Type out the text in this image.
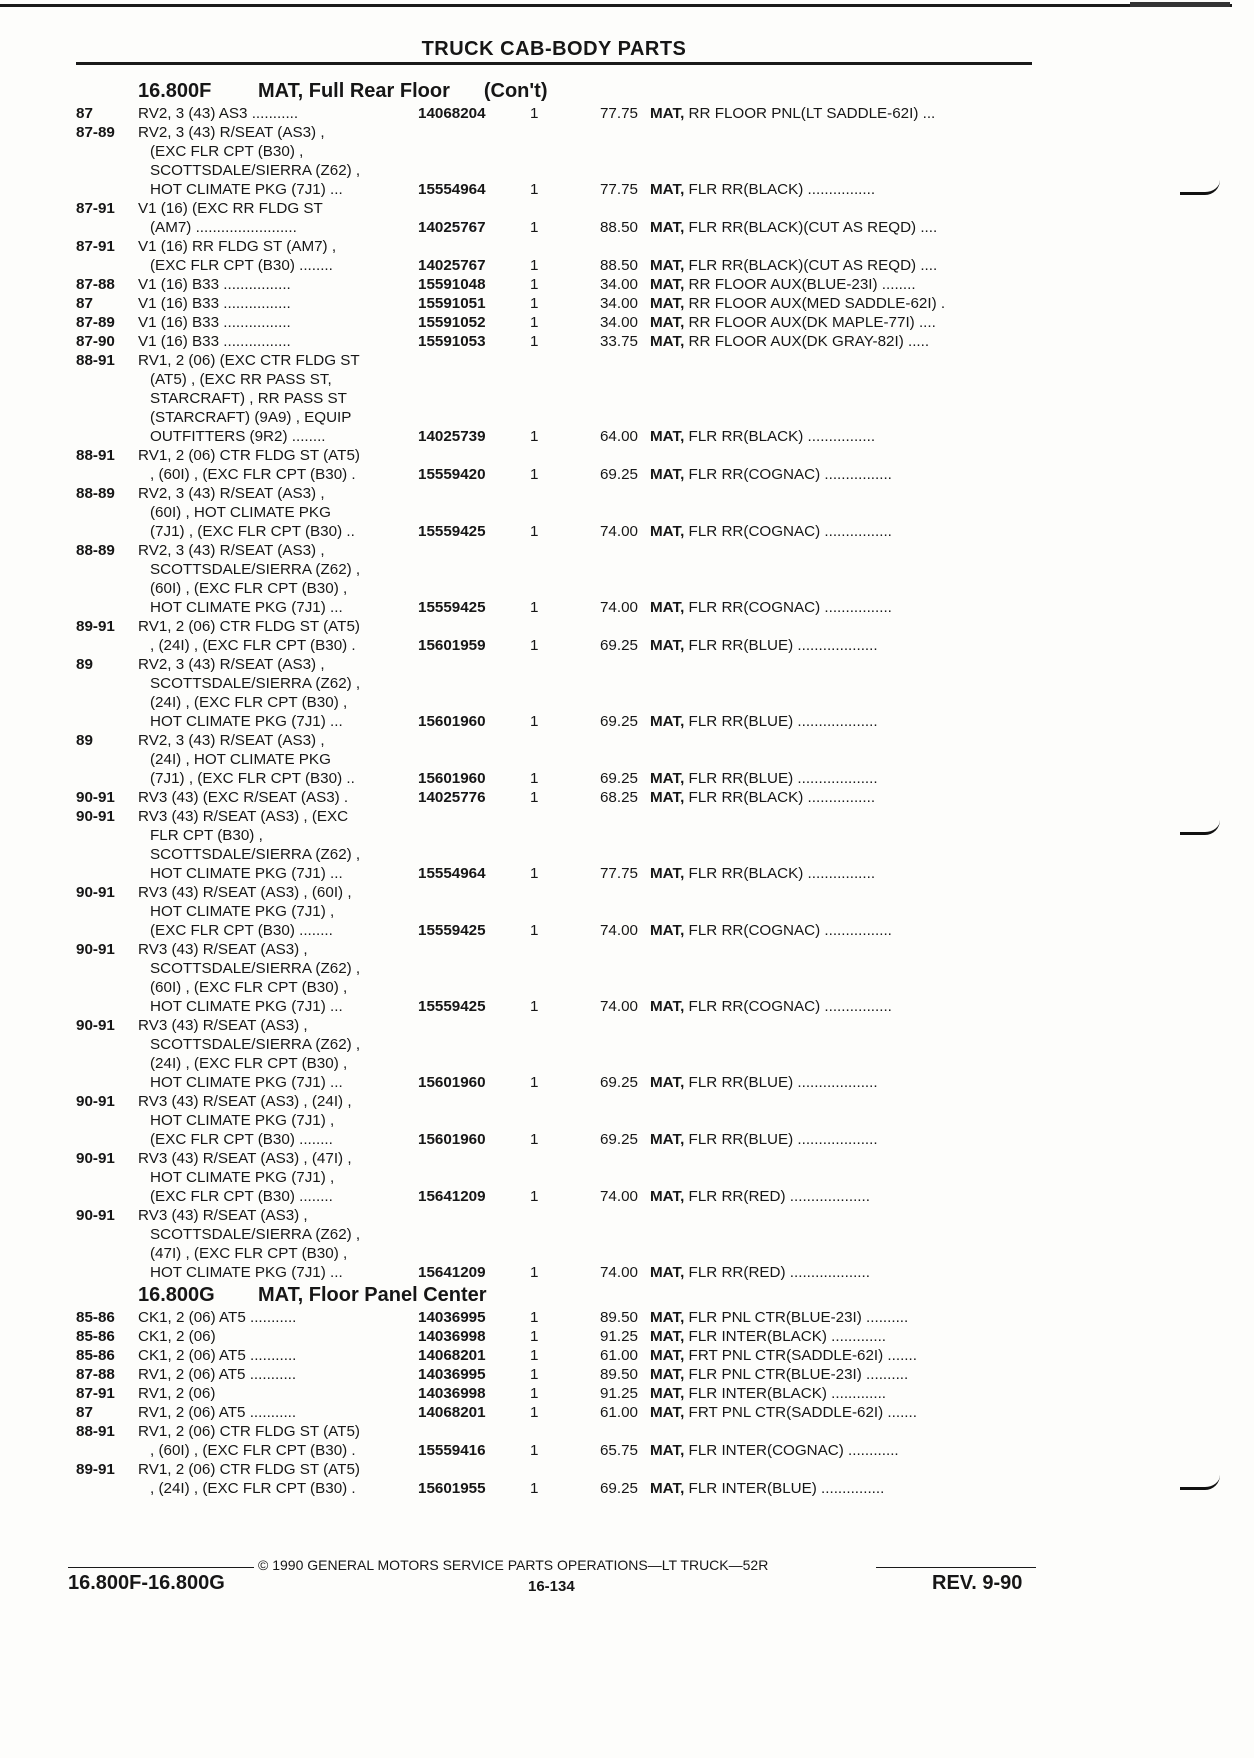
TRUCK CAB-BODY PARTS
16.800F MAT, Full Rear Floor (Con't)
87	RV2, 3 (43) AS3 ...........	14068204	1	77.75 MAT, RR FLOOR PNL(LT SADDLE-62I) ...
87-89	RV2, 3 (43) R/SEAT (AS3) ,
(EXC FLR CPT (B30) ,
SCOTTSDALE/SIERRA (Z62) ,
HOT CLIMATE PKG (7J1) ...	15554964	1	77.75 MAT, FLR RR(BLACK) ................
87-91	V1 (16) (EXC RR FLDG ST
(AM7) ........................	14025767	1	88.50 MAT, FLR RR(BLACK)(CUT AS REQD) ....
87-91	V1 (16) RR FLDG ST (AM7) ,
(EXC FLR CPT (B30) ........	14025767	1	88.50 MAT, FLR RR(BLACK)(CUT AS REQD) ....
87-88	V1 (16) B33 ................	15591048	1	34.00 MAT, RR FLOOR AUX(BLUE-23I) ........
87	V1 (16) B33 ................	15591051	1	34.00 MAT, RR FLOOR AUX(MED SADDLE-62I) .
87-89	V1 (16) B33 ................	15591052	1	34.00 MAT, RR FLOOR AUX(DK MAPLE-77I) ....
87-90	V1 (16) B33 ................	15591053	1	33.75 MAT, RR FLOOR AUX(DK GRAY-82I) .....
88-91	RV1, 2 (06) (EXC CTR FLDG ST
(AT5) , (EXC RR PASS ST,
STARCRAFT) , RR PASS ST
(STARCRAFT) (9A9) , EQUIP
OUTFITTERS (9R2) ........	14025739	1	64.00 MAT, FLR RR(BLACK) ................
88-91	RV1, 2 (06) CTR FLDG ST (AT5)
, (60I) , (EXC FLR CPT (B30) .	15559420	1	69.25 MAT, FLR RR(COGNAC) ................
88-89	RV2, 3 (43) R/SEAT (AS3) ,
(60I) , HOT CLIMATE PKG
(7J1) , (EXC FLR CPT (B30) ..	15559425	1	74.00 MAT, FLR RR(COGNAC) ................
88-89	RV2, 3 (43) R/SEAT (AS3) ,
SCOTTSDALE/SIERRA (Z62) ,
(60I) , (EXC FLR CPT (B30) ,
HOT CLIMATE PKG (7J1) ...	15559425	1	74.00 MAT, FLR RR(COGNAC) ................
89-91	RV1, 2 (06) CTR FLDG ST (AT5)
, (24I) , (EXC FLR CPT (B30) .	15601959	1	69.25 MAT, FLR RR(BLUE) ...................
89	RV2, 3 (43) R/SEAT (AS3) ,
SCOTTSDALE/SIERRA (Z62) ,
(24I) , (EXC FLR CPT (B30) ,
HOT CLIMATE PKG (7J1) ...	15601960	1	69.25 MAT, FLR RR(BLUE) ...................
89	RV2, 3 (43) R/SEAT (AS3) ,
(24I) , HOT CLIMATE PKG
(7J1) , (EXC FLR CPT (B30) ..	15601960	1	69.25 MAT, FLR RR(BLUE) ...................
90-91	RV3 (43) (EXC R/SEAT (AS3) .	14025776	1	68.25 MAT, FLR RR(BLACK) ................
90-91	RV3 (43) R/SEAT (AS3) , (EXC
FLR CPT (B30) ,
SCOTTSDALE/SIERRA (Z62) ,
HOT CLIMATE PKG (7J1) ...	15554964	1	77.75 MAT, FLR RR(BLACK) ................
90-91	RV3 (43) R/SEAT (AS3) , (60I) ,
HOT CLIMATE PKG (7J1) ,
(EXC FLR CPT (B30) ........	15559425	1	74.00 MAT, FLR RR(COGNAC) ................
90-91	RV3 (43) R/SEAT (AS3) ,
SCOTTSDALE/SIERRA (Z62) ,
(60I) , (EXC FLR CPT (B30) ,
HOT CLIMATE PKG (7J1) ...	15559425	1	74.00 MAT, FLR RR(COGNAC) ................
90-91	RV3 (43) R/SEAT (AS3) ,
SCOTTSDALE/SIERRA (Z62) ,
(24I) , (EXC FLR CPT (B30) ,
HOT CLIMATE PKG (7J1) ...	15601960	1	69.25 MAT, FLR RR(BLUE) ...................
90-91	RV3 (43) R/SEAT (AS3) , (24I) ,
HOT CLIMATE PKG (7J1) ,
(EXC FLR CPT (B30) ........	15601960	1	69.25 MAT, FLR RR(BLUE) ...................
90-91	RV3 (43) R/SEAT (AS3) , (47I) ,
HOT CLIMATE PKG (7J1) ,
(EXC FLR CPT (B30) ........	15641209	1	74.00 MAT, FLR RR(RED) ...................
90-91	RV3 (43) R/SEAT (AS3) ,
SCOTTSDALE/SIERRA (Z62) ,
(47I) , (EXC FLR CPT (B30) ,
HOT CLIMATE PKG (7J1) ...	15641209	1	74.00 MAT, FLR RR(RED) ...................
16.800G MAT, Floor Panel Center
85-86	CK1, 2 (06) AT5 ...........	14036995	1	89.50 MAT, FLR PNL CTR(BLUE-23I) ..........
85-86	CK1, 2 (06)	14036998	1	91.25 MAT, FLR INTER(BLACK) .............
85-86	CK1, 2 (06) AT5 ...........	14068201	1	61.00 MAT, FRT PNL CTR(SADDLE-62I) .......
87-88	RV1, 2 (06) AT5 ...........	14036995	1	89.50 MAT, FLR PNL CTR(BLUE-23I) ..........
87-91	RV1, 2 (06)	14036998	1	91.25 MAT, FLR INTER(BLACK) .............
87	RV1, 2 (06) AT5 ...........	14068201	1	61.00 MAT, FRT PNL CTR(SADDLE-62I) .......
88-91	RV1, 2 (06) CTR FLDG ST (AT5)
, (60I) , (EXC FLR CPT (B30) .	15559416	1	65.75 MAT, FLR INTER(COGNAC) ............
89-91	RV1, 2 (06) CTR FLDG ST (AT5)
, (24I) , (EXC FLR CPT (B30) .	15601955	1	69.25 MAT, FLR INTER(BLUE) ...............
© 1990 GENERAL MOTORS SERVICE PARTS OPERATIONS—LT TRUCK—52R
16.800F-16.800G	16-134	REV. 9-90
